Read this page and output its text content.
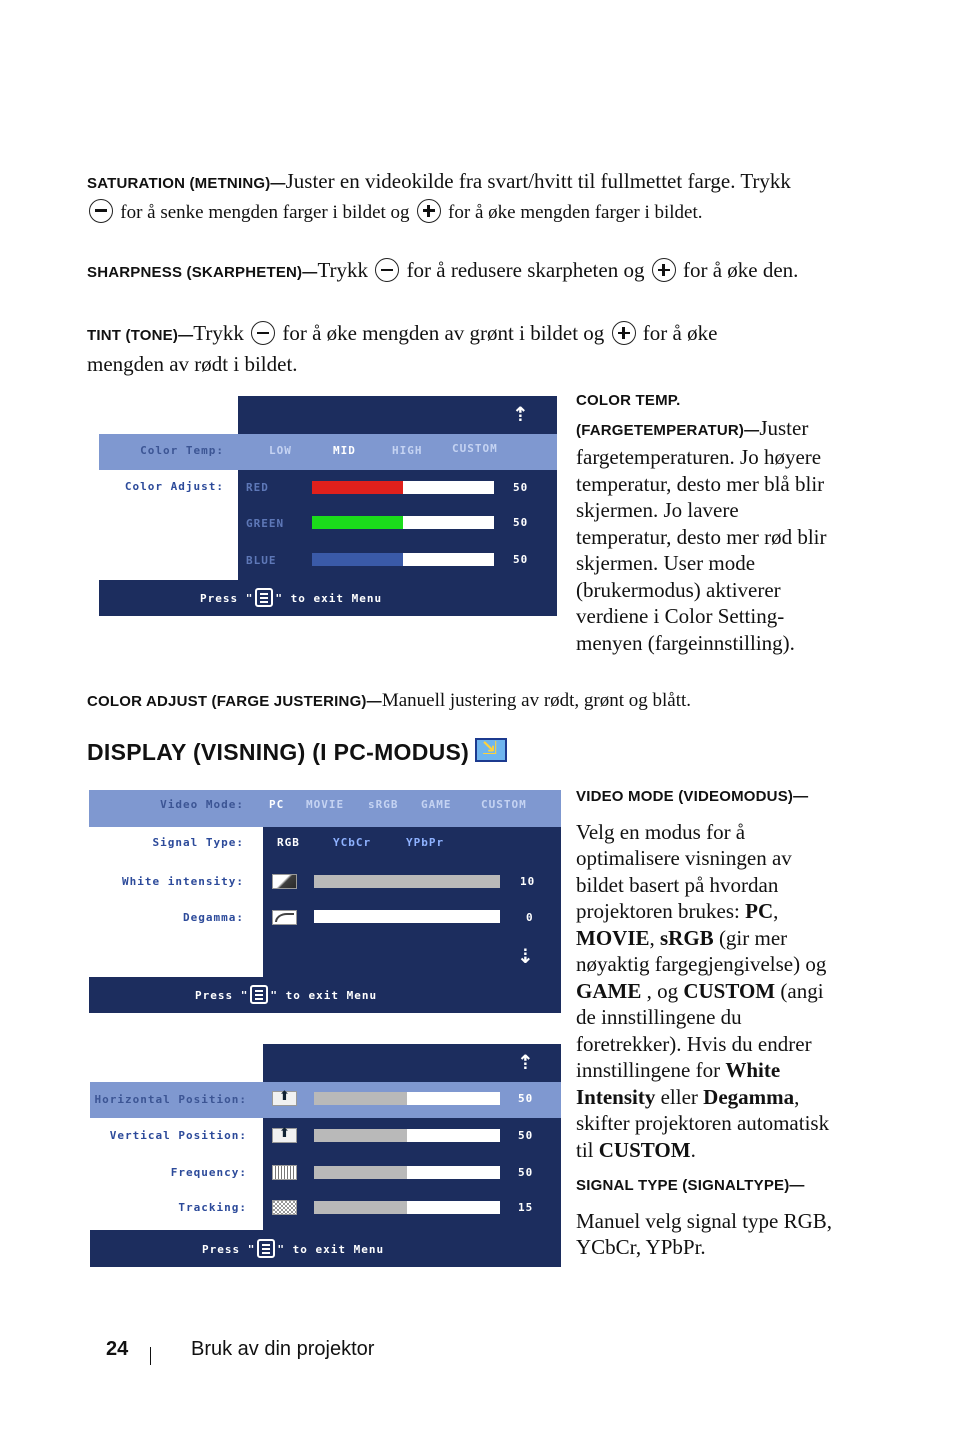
SATURATION (METNING)—Juster en videokilde fra svart/hvitt til fullmettet farge. Trykk  for å senke mengden farger i bildet og for å øke mengden farger i bildet.
SHARPNESS (SKARPHETEN)—Trykk for å redusere skarpheten og for å øke den.
TINT (TONE)—Trykk for å øke mengden av grønt i bildet og for å øke mengden av rødt i bildet.
⇡
Color Temp:	LOW	MID	HIGH	CUSTOM
Color Adjust: RED	50
GREEN	50
BLUE	50
Press " " to exit Menu
COLOR TEMP. (FARGETEMPERATUR)—Juster fargetemperaturen. Jo høyere temperatur, desto mer blå blir skjermen. Jo lavere temperatur, desto mer rød blir skjermen. User mode (brukermodus) aktiverer verdiene i Color Setting-menyen (fargeinnstilling).
COLOR ADJUST (FARGE JUSTERING)—Manuell justering av rødt, grønt og blått.
DISPLAY (VISNING) (I PC-MODUS)⇲
Video Mode: PC MOVIE sRGB GAME	CUSTOM
Signal Type:	RGB	YCbCr	YPbPr
White intensity:	10
Degamma:	0
⇣
Press " " to exit Menu
⇡
Horizontal Position: ⬆	50
Vertical Position: ⬆	50
Frequency:	50
Tracking:	15
Press " " to exit Menu
VIDEO MODE (VIDEOMODUS)—
Velg en modus for å optimalisere visningen av bildet basert på hvordan projektoren brukes: PC, MOVIE, sRGB (gir mer nøyaktig fargegjengivelse) og GAME , og CUSTOM (angi de innstillingene du foretrekker). Hvis du endrer innstillingene for White Intensity eller Degamma, skifter projektoren automatisk til CUSTOM.
SIGNAL TYPE (SIGNALTYPE)—
Manuel velg signal type RGB, YCbCr, YPbPr.
24	Bruk av din projektor
